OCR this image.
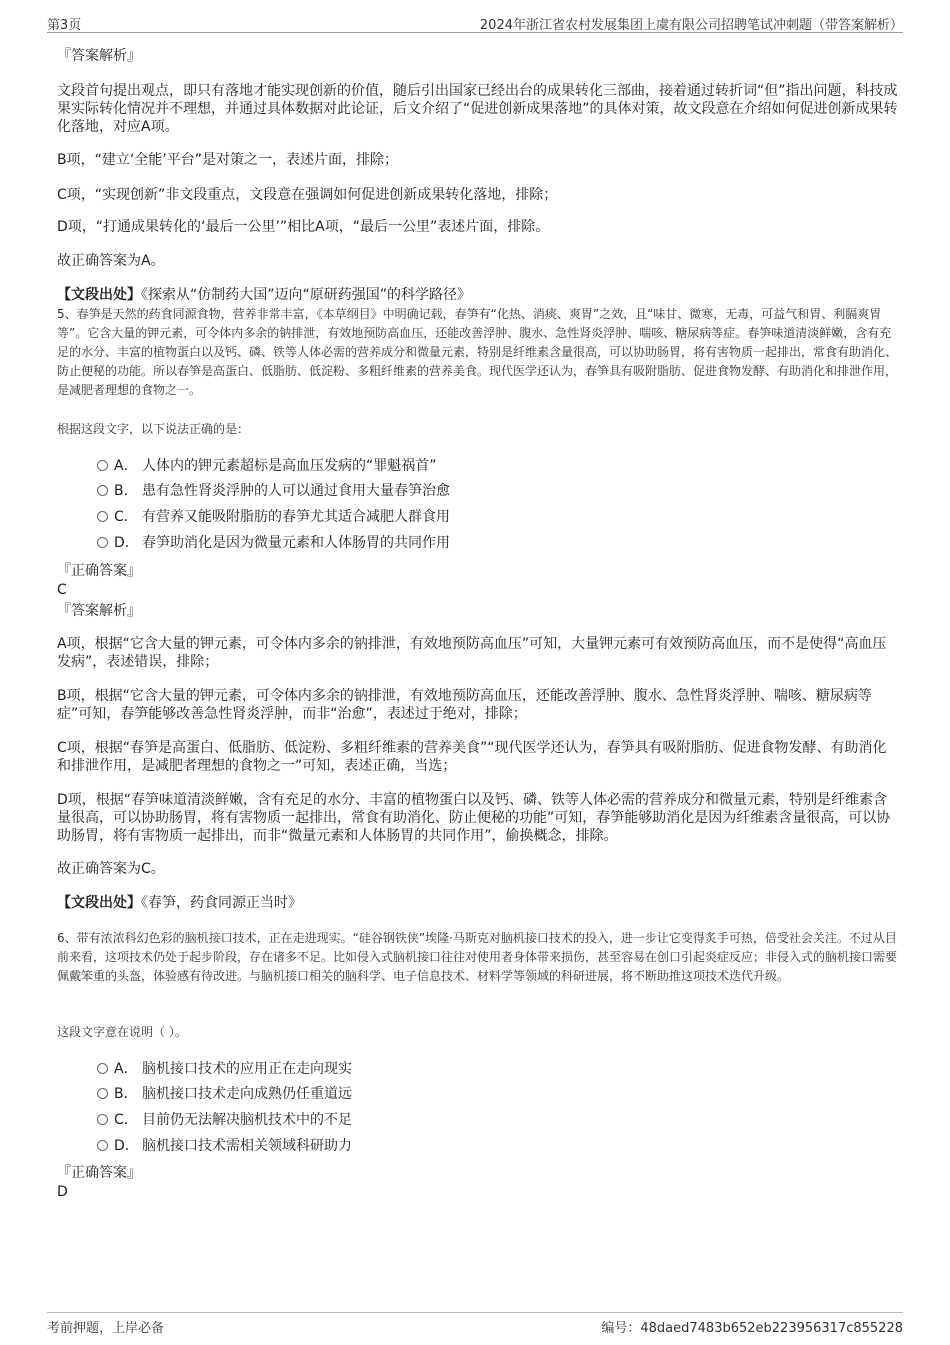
第3页	2024年浙江省农村发展集团上虞有限公司招聘笔试冲刺题（带答案解析）
『答案解析』
文段首句提出观点，即只有落地才能实现创新的价值，随后引出国家已经出台的成果转化三部曲，接着通过转折词“但”指出问题，科技成果实际转化情况并不理想，并通过具体数据对此论证，后文介绍了“促进创新成果落地”的具体对策，故文段意在介绍如何促进创新成果转化落地，对应A项。
B项，“建立‘全能’平台”是对策之一，表述片面，排除；
C项，“实现创新”非文段重点，文段意在强调如何促进创新成果转化落地，排除；
D项，“打通成果转化的‘最后一公里’”相比A项，“最后一公里”表述片面，排除。
故正确答案为A。
【文段出处】《探索从“仿制药大国”迈向“原研药强国”的科学路径》
5、春笋是天然的药食同源食物，营养非常丰富，《本草纲目》中明确记载，春笋有“化热、消痰、爽胃”之效，且“味甘、微寒，无毒，可益气和胃、利膈爽胃等”。它含大量的钾元素，可令体内多余的钠排泄，有效地预防高血压，还能改善浮肿、腹水、急性肾炎浮肿、喘咳、糖尿病等症。春笋味道清淡鲜嫩，含有充足的水分、丰富的植物蛋白以及钙、磷、铁等人体必需的营养成分和微量元素，特别是纤维素含量很高，可以协助肠胃，将有害物质一起排出，常食有助消化、防止便秘的功能。所以春笋是高蛋白、低脂肪、低淀粉、多粗纤维素的营养美食。现代医学还认为，春笋具有吸附脂肪、促进食物发酵、有助消化和排泄作用，是减肥者理想的食物之一。
根据这段文字，以下说法正确的是：
A． 人体内的钾元素超标是高血压发病的“罪魁祸首”
B． 患有急性肾炎浮肿的人可以通过食用大量春笋治愈
C． 有营养又能吸附脂肪的春笋尤其适合减肥人群食用
D． 春笋助消化是因为微量元素和人体肠胃的共同作用
『正确答案』
C
『答案解析』
A项，根据“它含大量的钾元素，可令体内多余的钠排泄，有效地预防高血压”可知，大量钾元素可有效预防高血压，而不是使得“高血压发病”，表述错误，排除；
B项，根据“它含大量的钾元素，可令体内多余的钠排泄，有效地预防高血压，还能改善浮肿、腹水、急性肾炎浮肿、喘咳、糖尿病等症”可知，春笋能够改善急性肾炎浮肿，而非“治愈”，表述过于绝对，排除；
C项，根据“春笋是高蛋白、低脂肪、低淀粉、多粗纤维素的营养美食”“现代医学还认为，春笋具有吸附脂肪、促进食物发酵、有助消化和排泄作用，是减肥者理想的食物之一”可知，表述正确，当选；
D项，根据“春笋味道清淡鲜嫩，含有充足的水分、丰富的植物蛋白以及钙、磷、铁等人体必需的营养成分和微量元素，特别是纤维素含量很高，可以协助肠胃，将有害物质一起排出，常食有助消化、防止便秘的功能”可知，春笋能够助消化是因为纤维素含量很高，可以协助肠胃，将有害物质一起排出，而非“微量元素和人体肠胃的共同作用”，偷换概念，排除。
故正确答案为C。
【文段出处】《春笋，药食同源正当时》
6、带有浓浓科幻色彩的脑机接口技术，正在走进现实。“硅谷钢铁侠”埃隆·马斯克对脑机接口技术的投入，进一步让它变得炙手可热，倍受社会关注。不过从目前来看，这项技术仍处于起步阶段，存在诸多不足。比如侵入式脑机接口往往对使用者身体带来损伤，甚至容易在创口引起炎症反应；非侵入式的脑机接口需要佩戴笨重的头盔，体验感有待改进。与脑机接口相关的脑科学、电子信息技术、材料学等领域的科研进展，将不断助推这项技术迭代升级。
这段文字意在说明（ ）。
A． 脑机接口技术的应用正在走向现实
B． 脑机接口技术走向成熟仍任重道远
C． 目前仍无法解决脑机技术中的不足
D． 脑机接口技术需相关领域科研助力
『正确答案』
D
考前押题，上岸必备	编号：48daed7483b652eb223956317c855228
